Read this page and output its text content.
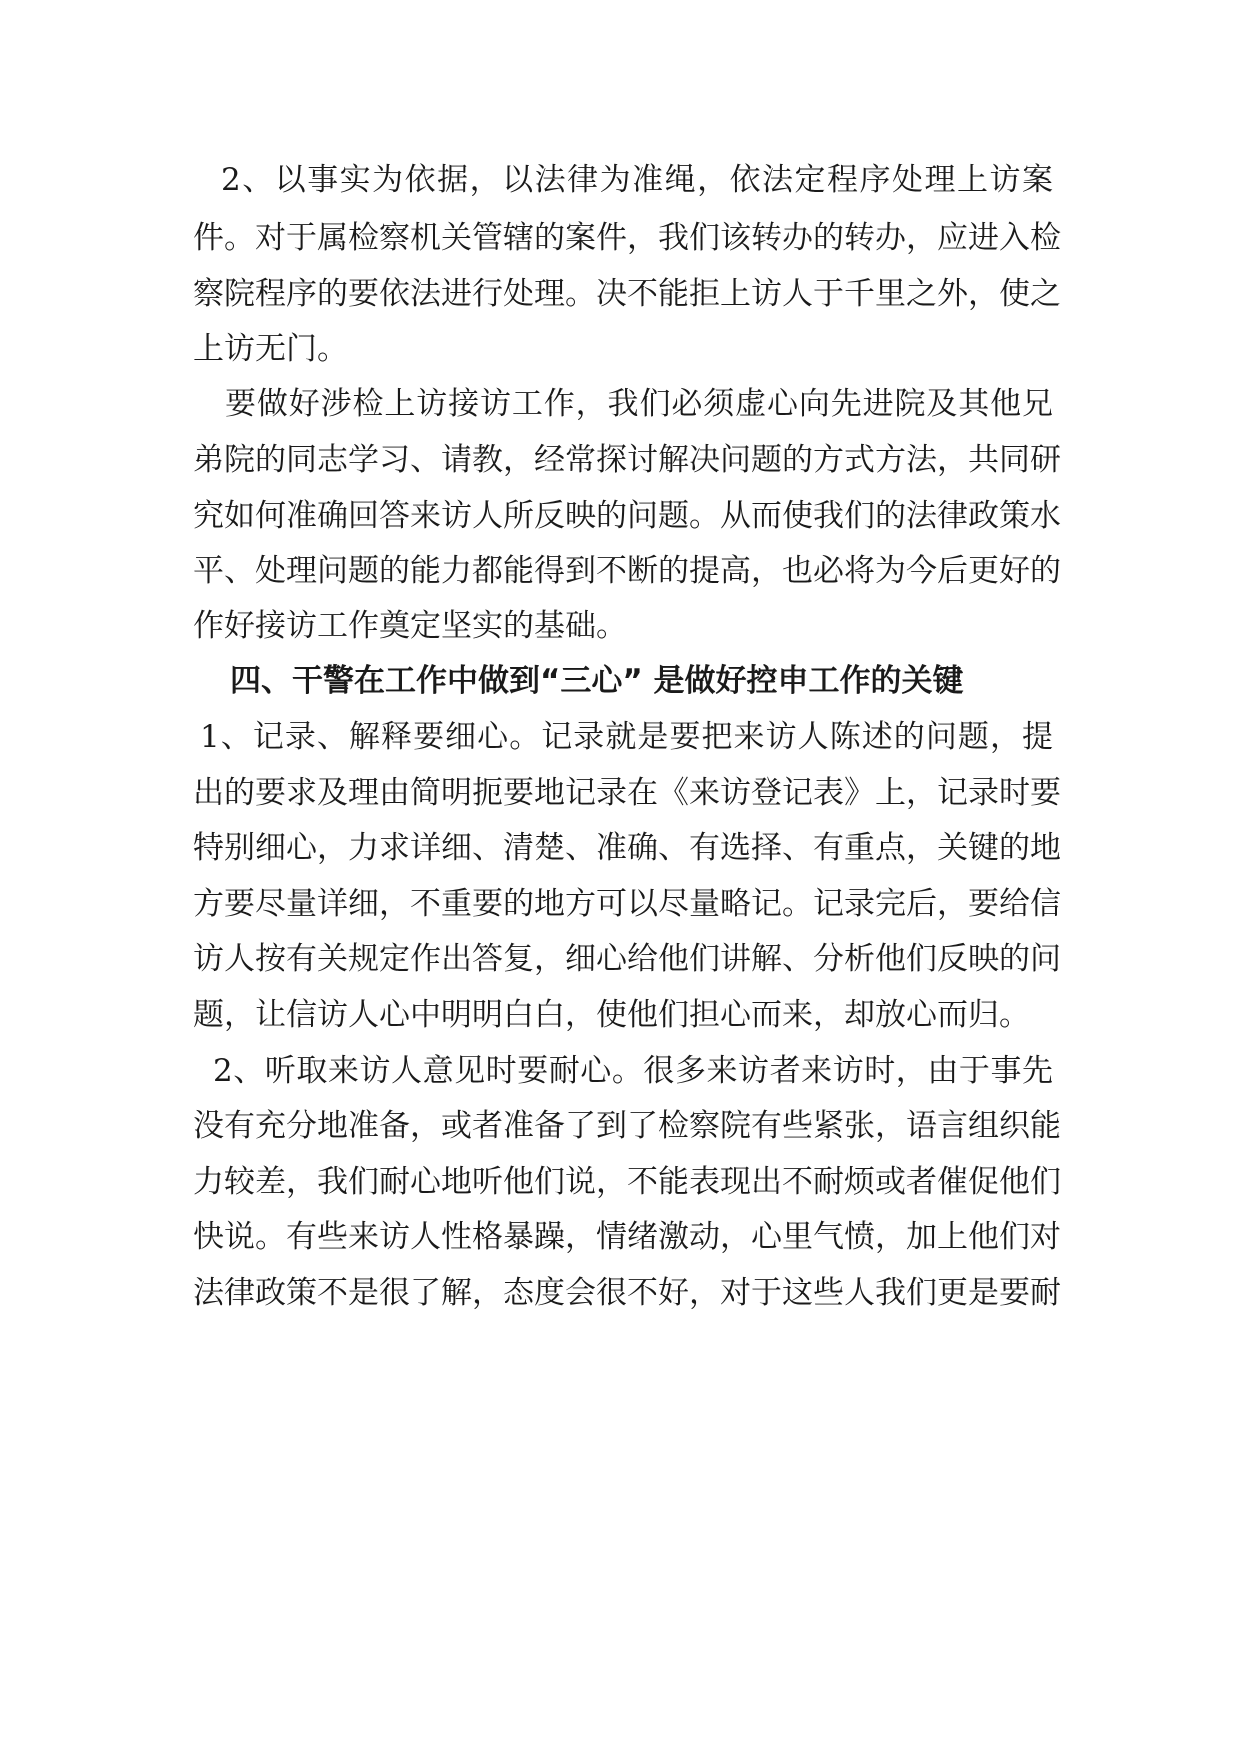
2、以事实为依据，以法律为准绳，依法定程序处理上访案
件。对于属检察机关管辖的案件，我们该转办的转办，应进入检
察院程序的要依法进行处理。决不能拒上访人于千里之外，使之
上访无门。
要做好涉检上访接访工作，我们必须虚心向先进院及其他兄
弟院的同志学习、请教，经常探讨解决问题的方式方法，共同研
究如何准确回答来访人所反映的问题。从而使我们的法律政策水
平、处理问题的能力都能得到不断的提高，也必将为今后更好的
作好接访工作奠定坚实的基础。
四、干警在工作中做到“三心” 是做好控申工作的关键
1、记录、解释要细心。记录就是要把来访人陈述的问题，提
出的要求及理由简明扼要地记录在《来访登记表》上，记录时要
特别细心，力求详细、清楚、准确、有选择、有重点，关键的地
方要尽量详细，不重要的地方可以尽量略记。记录完后，要给信
访人按有关规定作出答复，细心给他们讲解、分析他们反映的问
题，让信访人心中明明白白，使他们担心而来，却放心而归。
2、听取来访人意见时要耐心。很多来访者来访时，由于事先
没有充分地准备，或者准备了到了检察院有些紧张，语言组织能
力较差，我们耐心地听他们说，不能表现出不耐烦或者催促他们
快说。有些来访人性格暴躁，情绪激动，心里气愤，加上他们对
法律政策不是很了解，态度会很不好，对于这些人我们更是要耐
